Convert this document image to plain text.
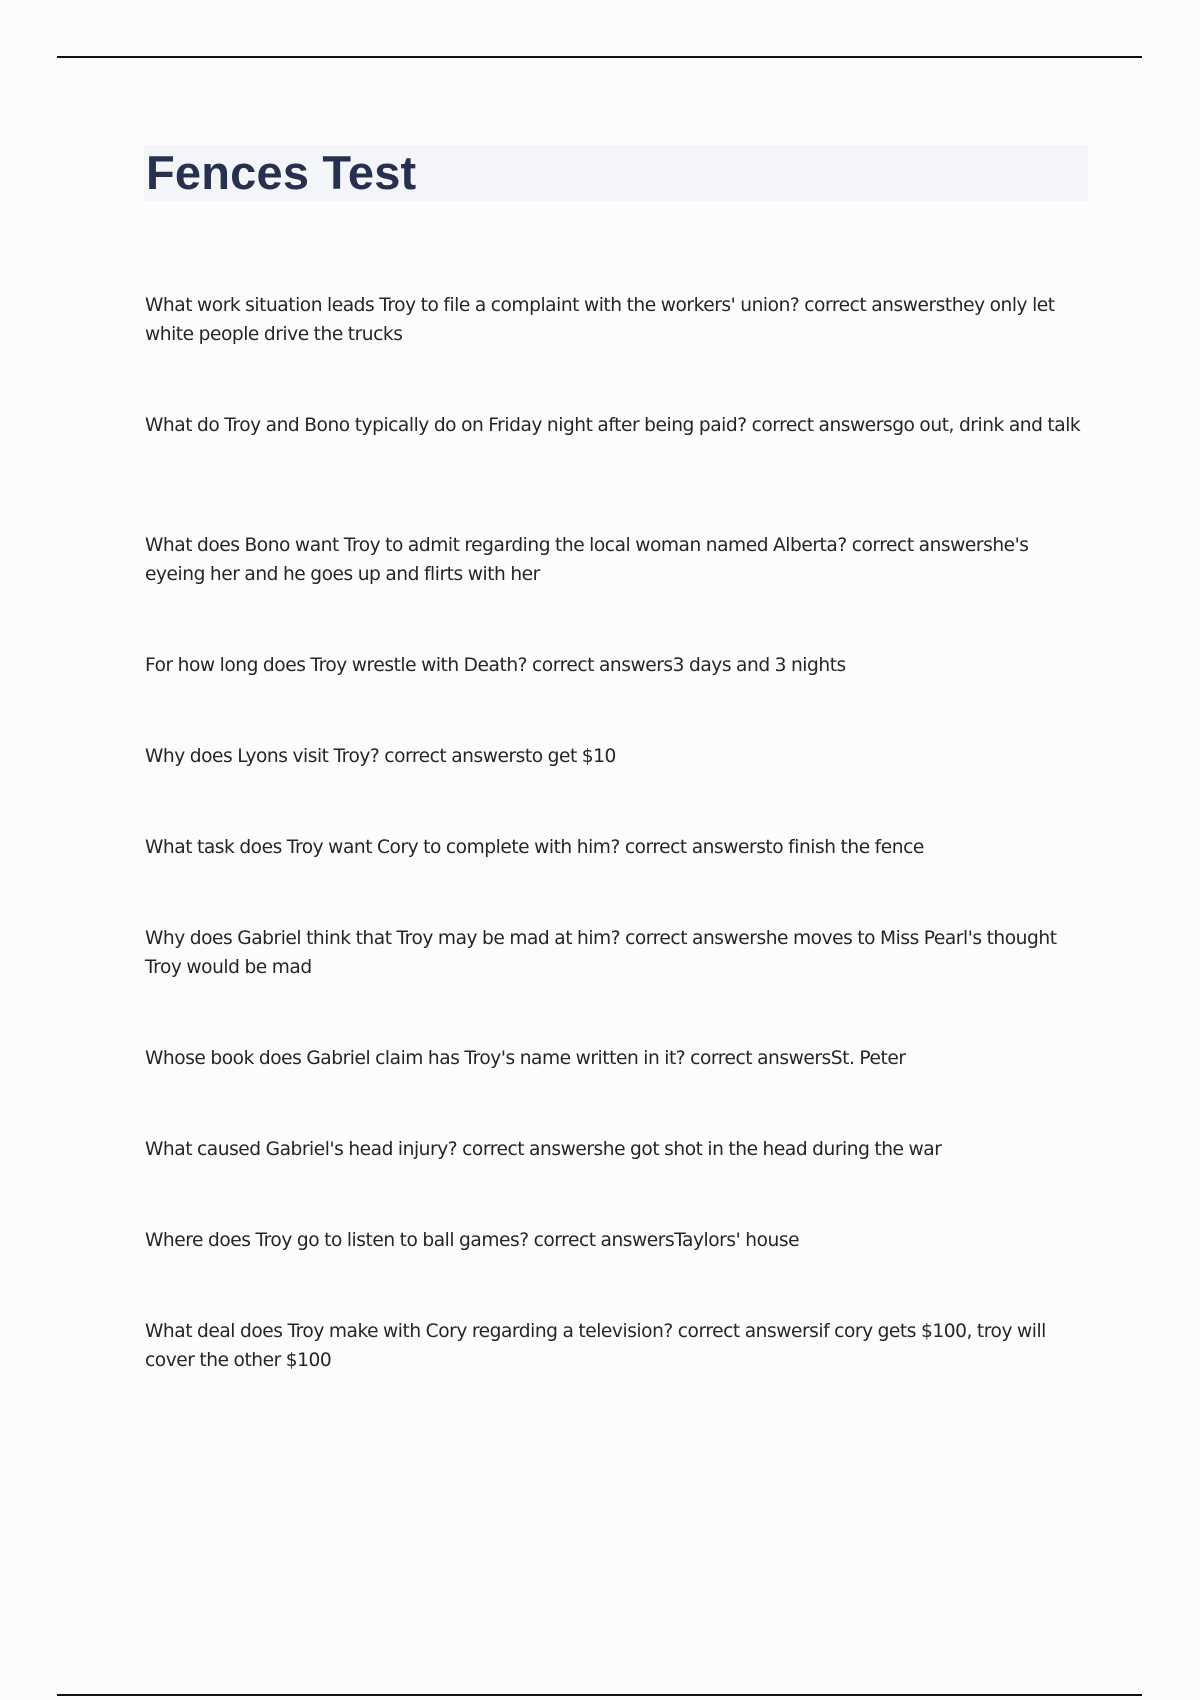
Fences Test

What work situation leads Troy to file a complaint with the workers' union? correct answersthey only let white people drive the trucks

What do Troy and Bono typically do on Friday night after being paid? correct answersgo out, drink and talk

What does Bono want Troy to admit regarding the local woman named Alberta? correct answershe's eyeing her and he goes up and flirts with her

For how long does Troy wrestle with Death? correct answers3 days and 3 nights

Why does Lyons visit Troy? correct answersto get $10

What task does Troy want Cory to complete with him? correct answersto finish the fence

Why does Gabriel think that Troy may be mad at him? correct answershe moves to Miss Pearl's thought Troy would be mad

Whose book does Gabriel claim has Troy's name written in it? correct answersSt. Peter

What caused Gabriel's head injury? correct answershe got shot in the head during the war

Where does Troy go to listen to ball games? correct answersTaylors' house

What deal does Troy make with Cory regarding a television? correct answersif cory gets $100, troy will cover the other $100
